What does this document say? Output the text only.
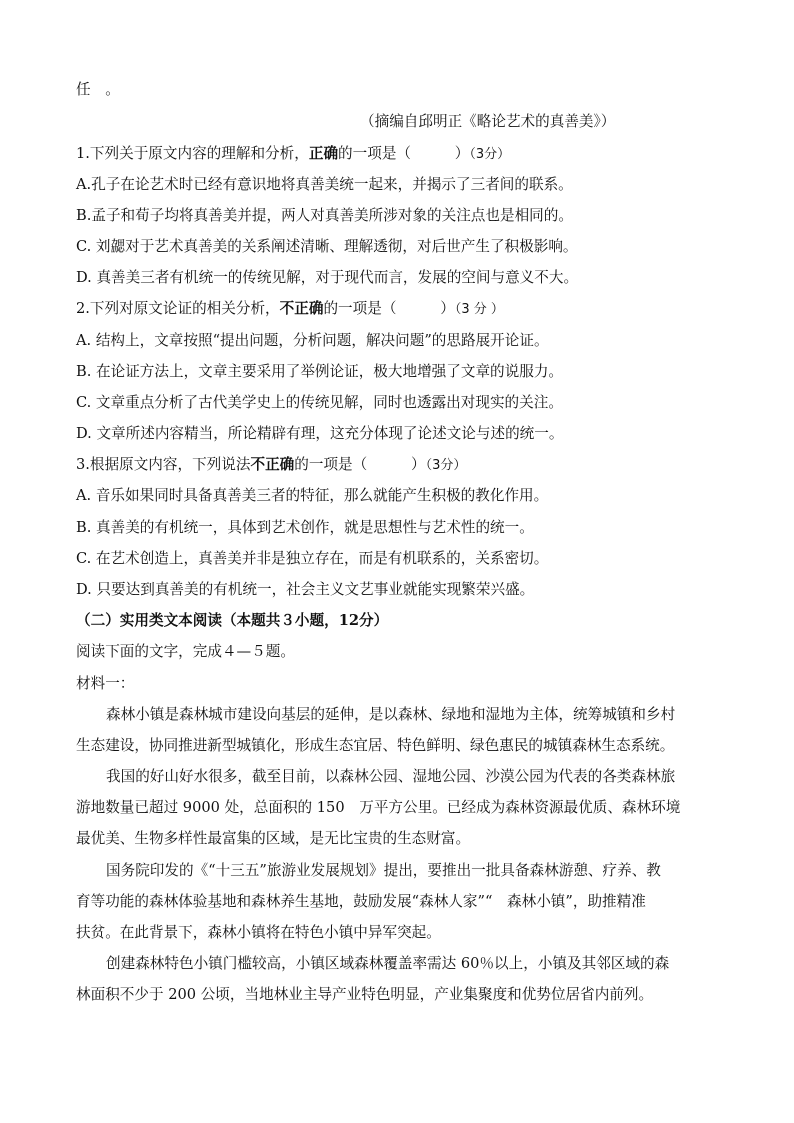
任　。
（摘编自邱明正《略论艺术的真善美》）
1.下列关于原文内容的理解和分析，正确的一项是（　　　）（3分）
A.孔子在论艺术时已经有意识地将真善美统一起来，并揭示了三者间的联系。
B.孟子和荀子均将真善美并提，两人对真善美所涉对象的关注点也是相同的。
C. 刘勰对于艺术真善美的关系阐述清晰、理解透彻，对后世产生了积极影响。
D. 真善美三者有机统一的传统见解，对于现代而言，发展的空间与意义不大。
2.下列对原文论证的相关分析，不正确的一项是（　　　）（3 分 ）
A. 结构上，文章按照“提出问题，分析问题，解决问题”的思路展开论证。
B. 在论证方法上，文章主要采用了举例论证，极大地增强了文章的说服力。
C. 文章重点分析了古代美学史上的传统见解，同时也透露出对现实的关注。
D. 文章所述内容精当，所论精辟有理，这充分体现了论述文论与述的统一。
3.根据原文内容，下列说法不正确的一项是（　　　）（3分）
A. 音乐如果同时具备真善美三者的特征，那么就能产生积极的教化作用。
B. 真善美的有机统一，具体到艺术创作，就是思想性与艺术性的统一。
C. 在艺术创造上，真善美并非是独立存在，而是有机联系的，关系密切。
D. 只要达到真善美的有机统一，社会主义文艺事业就能实现繁荣兴盛。
（二）实用类文本阅读（本题共３小题，12分）
阅读下面的文字，完成４—５题。
材料一：
森林小镇是森林城市建设向基层的延伸，是以森林、绿地和湿地为主体，统筹城镇和乡村
生态建设，协同推进新型城镇化，形成生态宜居、特色鲜明、绿色惠民的城镇森林生态系统。
我国的好山好水很多，截至目前，以森林公园、湿地公园、沙漠公园为代表的各类森林旅
游地数量已超过 9000 处，总面积的 150　万平方公里。已经成为森林资源最优质、森林环境
最优美、生物多样性最富集的区域，是无比宝贵的生态财富。
国务院印发的《“十三五”旅游业发展规划》提出，要推出一批具备森林游憩、疗养、教
育等功能的森林体验基地和森林养生基地，鼓励发展“森林人家”“　森林小镇”，助推精准
扶贫。在此背景下，森林小镇将在特色小镇中异军突起。
创建森林特色小镇门槛较高，小镇区域森林覆盖率需达 60％以上，小镇及其邻区域的森
林面积不少于 200 公顷，当地林业主导产业特色明显，产业集聚度和优势位居省内前列。
